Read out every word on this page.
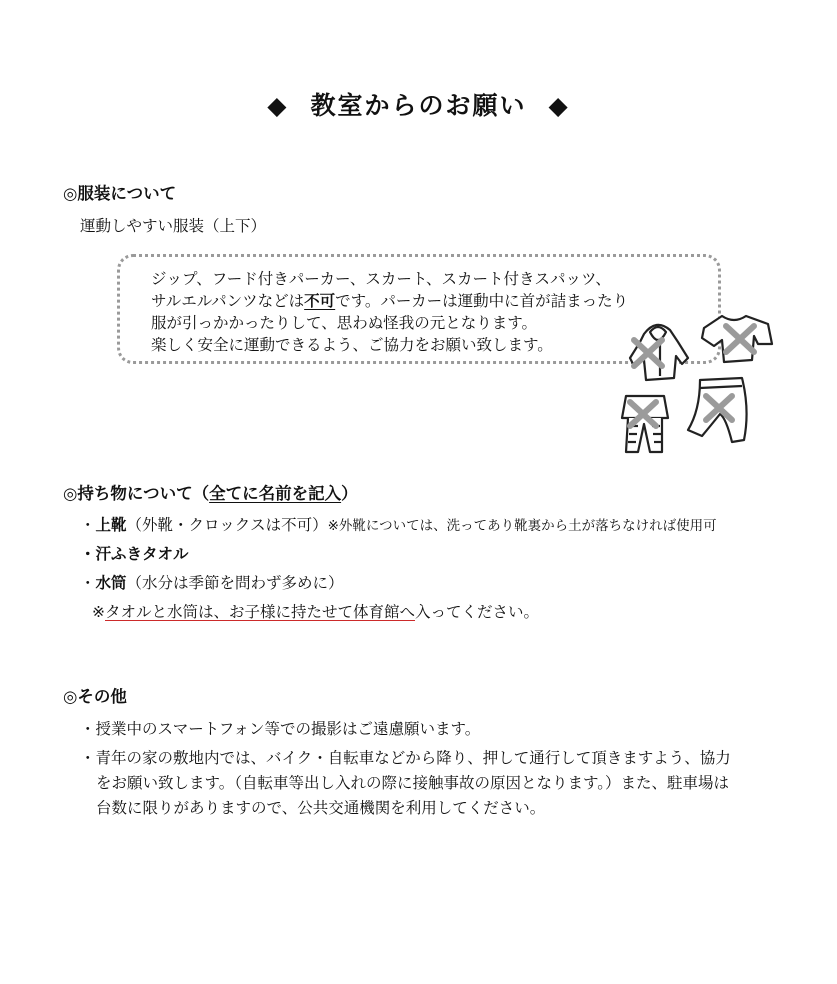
◆ 教室からのお願い ◆
◎服装について
運動しやすい服装（上下）
ジップ、フード付きパーカー、スカート、スカート付きスパッツ、
サルエルパンツなどは不可です。パーカーは運動中に首が詰まったり
服が引っかかったりして、思わぬ怪我の元となります。
楽しく安全に運動できるよう、ご協力をお願い致します。
◎持ち物について（全てに名前を記入）
・上靴（外靴・クロックスは不可）※外靴については、洗ってあり靴裏から土が落ちなければ使用可
・汗ふきタオル
・水筒（水分は季節を問わず多めに）
※タオルと水筒は、お子様に持たせて体育館へ入ってください。
◎その他
・授業中のスマートフォン等での撮影はご遠慮願います。
・青年の家の敷地内では、バイク・自転車などから降り、押して通行して頂きますよう、協力
をお願い致します。（自転車等出し入れの際に接触事故の原因となります。）また、駐車場は
台数に限りがありますので、公共交通機関を利用してください。
